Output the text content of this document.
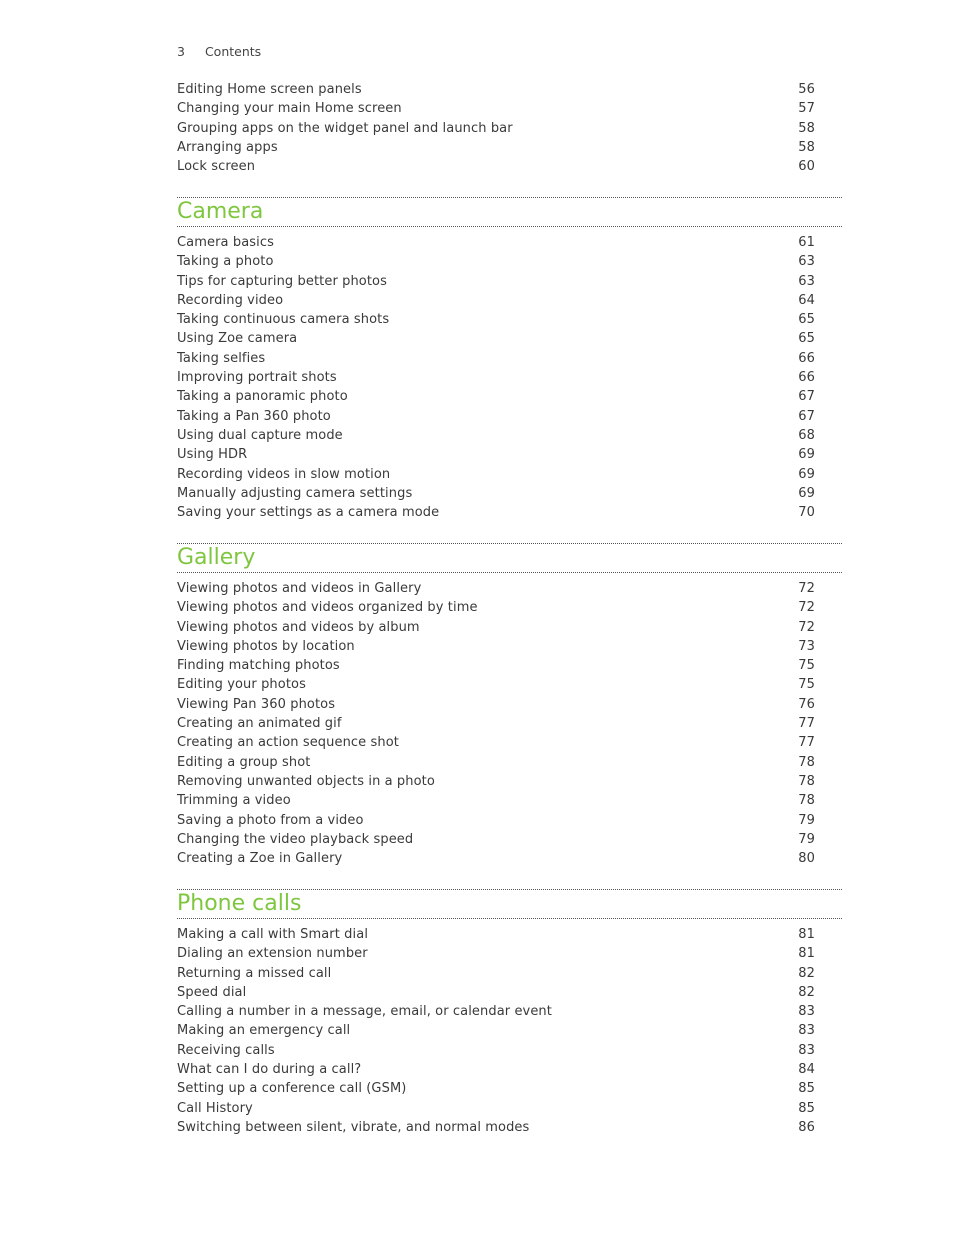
3 Contents
Editing Home screen panels	56
Changing your main Home screen	57
Grouping apps on the widget panel and launch bar	58
Arranging apps	58
Lock screen	60
Camera
Camera basics	61
Taking a photo	63
Tips for capturing better photos	63
Recording video	64
Taking continuous camera shots	65
Using Zoe camera	65
Taking selfies	66
Improving portrait shots	66
Taking a panoramic photo	67
Taking a Pan 360 photo	67
Using dual capture mode	68
Using HDR	69
Recording videos in slow motion	69
Manually adjusting camera settings	69
Saving your settings as a camera mode	70
Gallery
Viewing photos and videos in Gallery	72
Viewing photos and videos organized by time	72
Viewing photos and videos by album	72
Viewing photos by location	73
Finding matching photos	75
Editing your photos	75
Viewing Pan 360 photos	76
Creating an animated gif	77
Creating an action sequence shot	77
Editing a group shot	78
Removing unwanted objects in a photo	78
Trimming a video	78
Saving a photo from a video	79
Changing the video playback speed	79
Creating a Zoe in Gallery	80
Phone calls
Making a call with Smart dial	81
Dialing an extension number	81
Returning a missed call	82
Speed dial	82
Calling a number in a message, email, or calendar event	83
Making an emergency call	83
Receiving calls	83
What can I do during a call?	84
Setting up a conference call (GSM)	85
Call History	85
Switching between silent, vibrate, and normal modes	86
